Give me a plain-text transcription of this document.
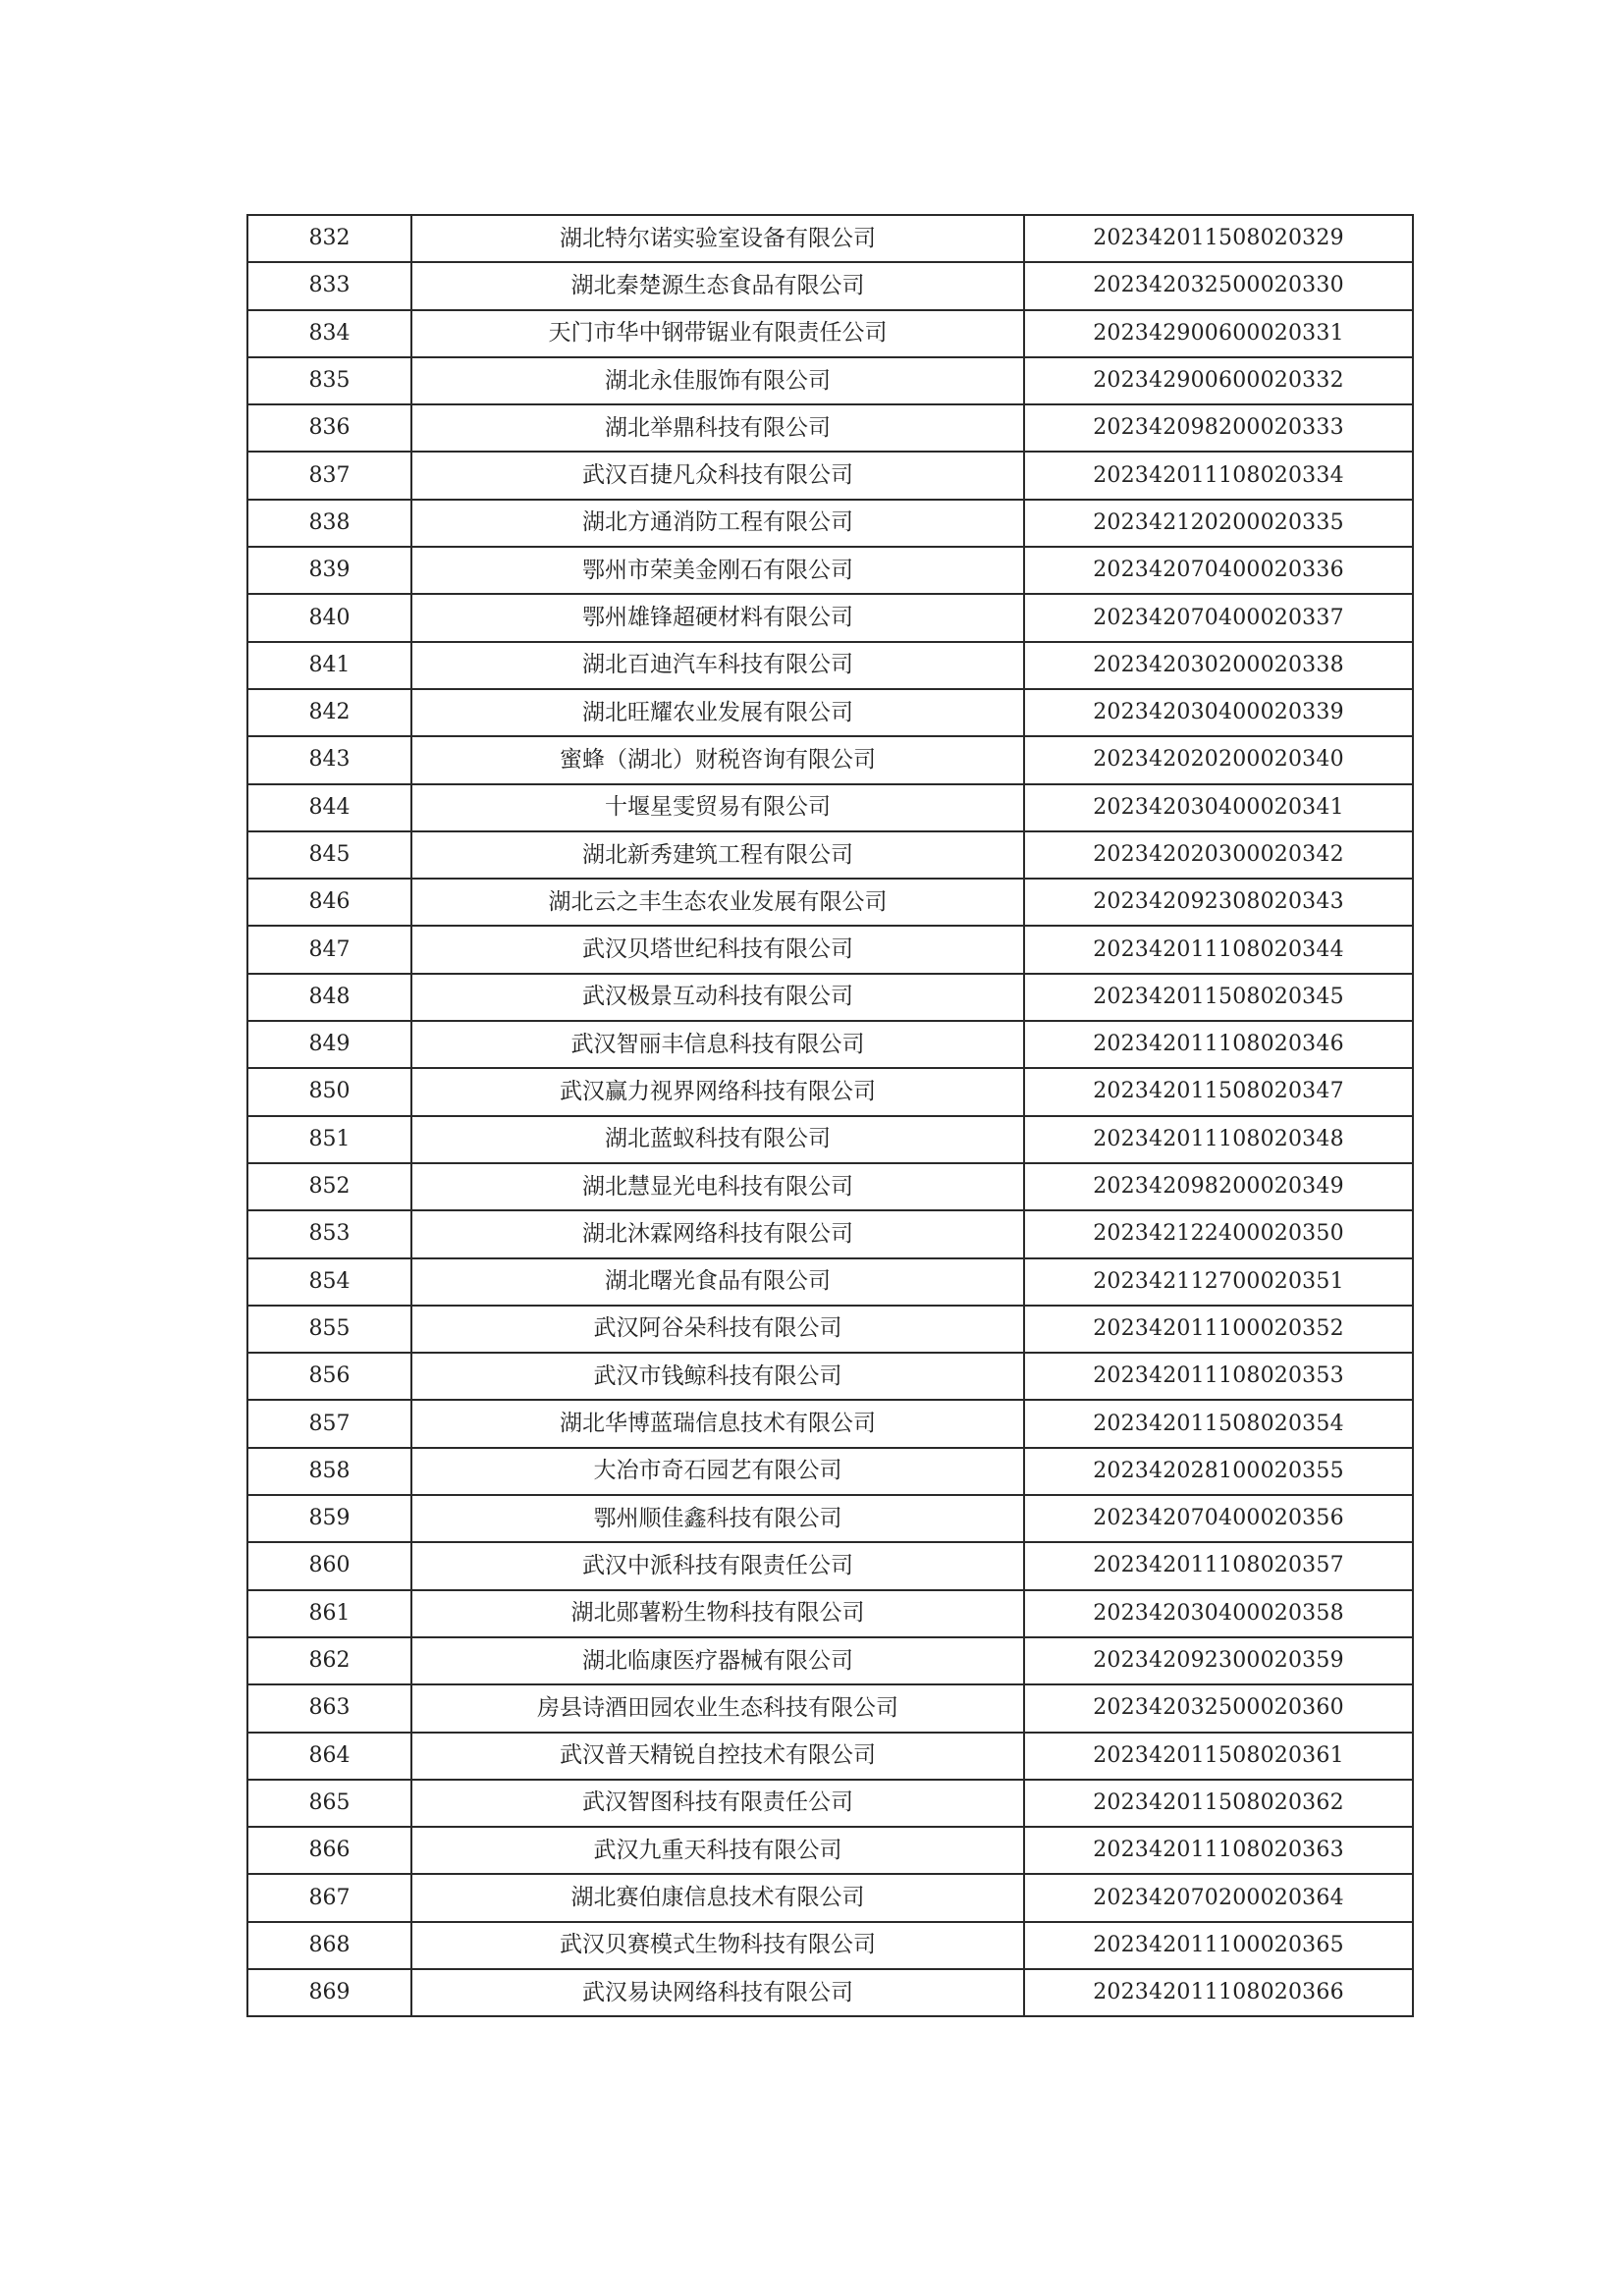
832	湖北特尔诺实验室设备有限公司	202342011508020329
833	湖北秦楚源生态食品有限公司	202342032500020330
834	天门市华中钢带锯业有限责任公司	202342900600020331
835	湖北永佳服饰有限公司	202342900600020332
836	湖北举鼎科技有限公司	202342098200020333
837	武汉百捷凡众科技有限公司	202342011108020334
838	湖北方通消防工程有限公司	202342120200020335
839	鄂州市荣美金刚石有限公司	202342070400020336
840	鄂州雄锋超硬材料有限公司	202342070400020337
841	湖北百迪汽车科技有限公司	202342030200020338
842	湖北旺耀农业发展有限公司	202342030400020339
843	蜜蜂（湖北）财税咨询有限公司	202342020200020340
844	十堰星雯贸易有限公司	202342030400020341
845	湖北新秀建筑工程有限公司	202342020300020342
846	湖北云之丰生态农业发展有限公司	202342092308020343
847	武汉贝塔世纪科技有限公司	202342011108020344
848	武汉极景互动科技有限公司	202342011508020345
849	武汉智丽丰信息科技有限公司	202342011108020346
850	武汉赢力视界网络科技有限公司	202342011508020347
851	湖北蓝蚁科技有限公司	202342011108020348
852	湖北慧显光电科技有限公司	202342098200020349
853	湖北沐霖网络科技有限公司	202342122400020350
854	湖北曙光食品有限公司	202342112700020351
855	武汉阿谷朵科技有限公司	202342011100020352
856	武汉市钱鲸科技有限公司	202342011108020353
857	湖北华博蓝瑞信息技术有限公司	202342011508020354
858	大冶市奇石园艺有限公司	202342028100020355
859	鄂州顺佳鑫科技有限公司	202342070400020356
860	武汉中派科技有限责任公司	202342011108020357
861	湖北郧薯粉生物科技有限公司	202342030400020358
862	湖北临康医疗器械有限公司	202342092300020359
863	房县诗酒田园农业生态科技有限公司	202342032500020360
864	武汉普天精锐自控技术有限公司	202342011508020361
865	武汉智图科技有限责任公司	202342011508020362
866	武汉九重天科技有限公司	202342011108020363
867	湖北赛伯康信息技术有限公司	202342070200020364
868	武汉贝赛模式生物科技有限公司	202342011100020365
869	武汉易诀网络科技有限公司	202342011108020366
